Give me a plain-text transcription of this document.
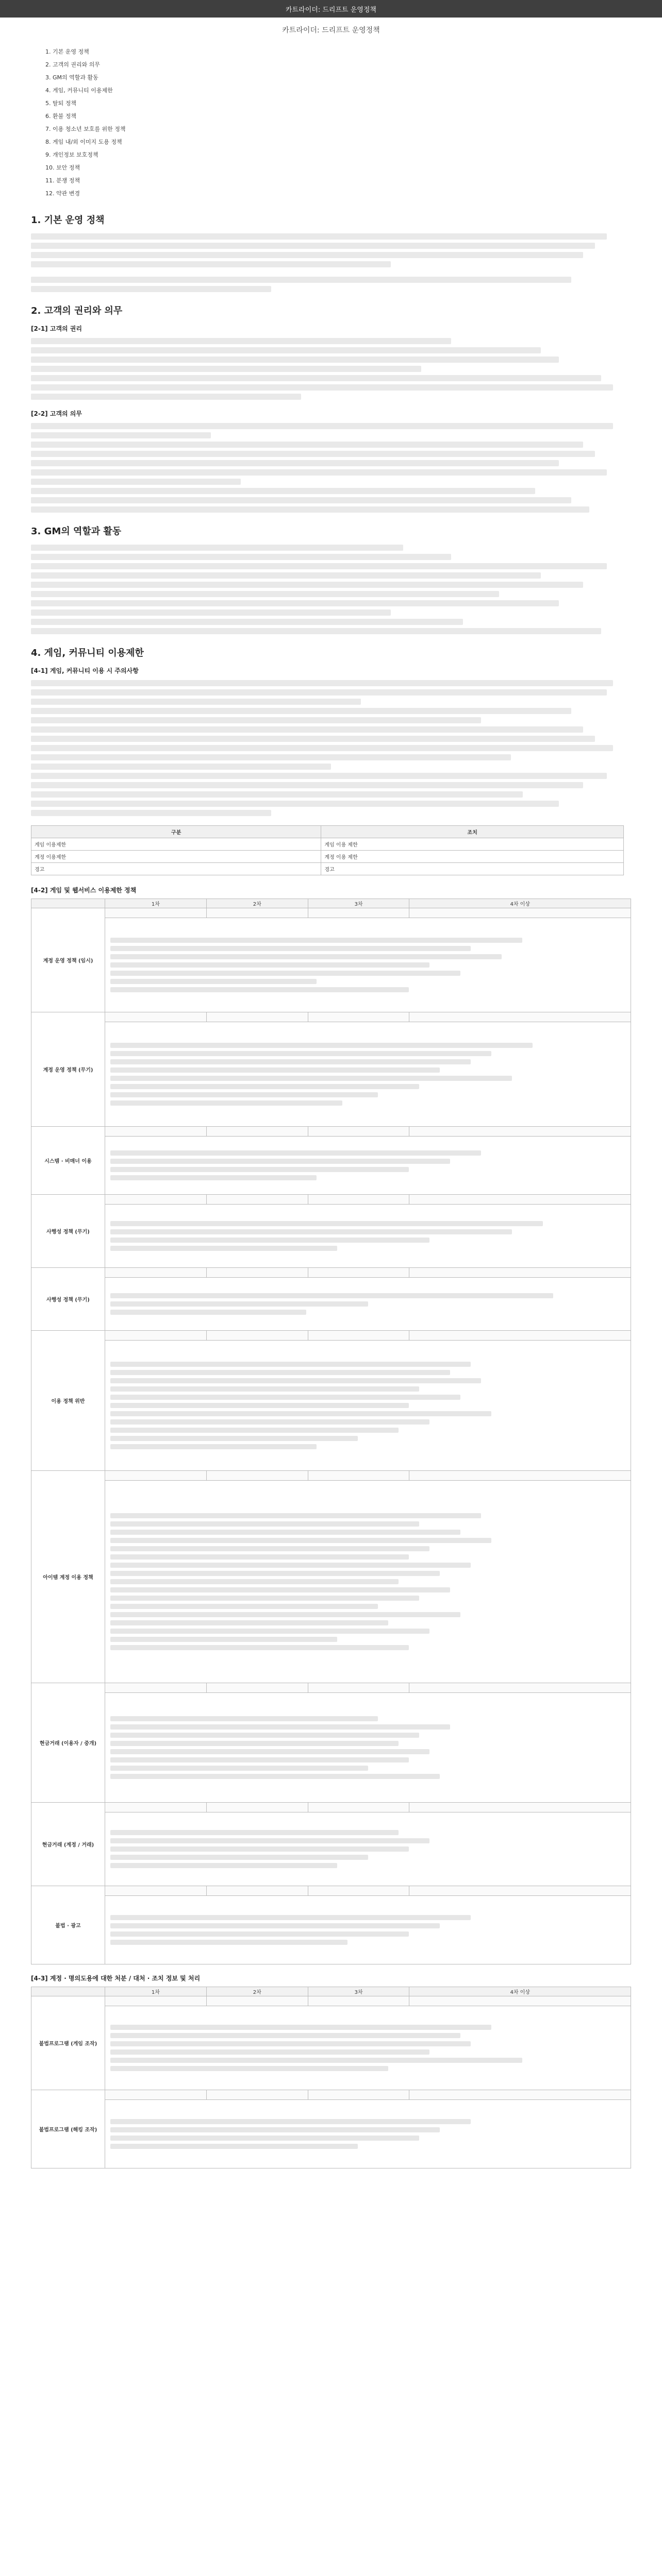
카트라이더: 드리프트 운영정책
카트라이더: 드리프트 운영정책
1. 기본 운영 정책
2. 고객의 권리와 의무
3. GM의 역할과 활동
4. 게임, 커뮤니티 이용제한
5. 탈퇴 정책
6. 환불 정책
7. 이용 청소년 보호를 위한 정책
8. 게임 내/외 이미지 도용 정책
9. 개인정보 보호정책
10. 보안 정책
11. 분쟁 정책
12. 약관 변경
1. 기본 운영 정책
2. 고객의 권리와 의무
[2-1] 고객의 권리
[2-2] 고객의 의무
3. GM의 역할과 활동
4. 게임, 커뮤니티 이용제한
[4-1] 게임, 커뮤니티 이용 시 주의사항
구분	조치
게임 이용제한	게임 이용 제한
계정 이용제한	계정 이용 제한
경고	경고
[4-2] 게임 및 웹서비스 이용제한 정책
	1차	2차	3차	4차 이상
계정 운영 정책 (임시)				

계정 운영 정책 (무기)				

시스템 · 비매너 이용				

사행성 정책 (무기)				

사행성 정책 (무기)				

이용 정책 위반				

아이템 계정 이용 정책				

현금거래 (이용자 / 중개)				

현금거래 (계정 / 거래)				

불법 · 광고				

[4-3] 계정 · 명의도용에 대한 처분 / 대처 · 조치 정보 및 처리
	1차	2차	3차	4차 이상
불법프로그램 (게임 조작)				

불법프로그램 (해킹 조작)				
